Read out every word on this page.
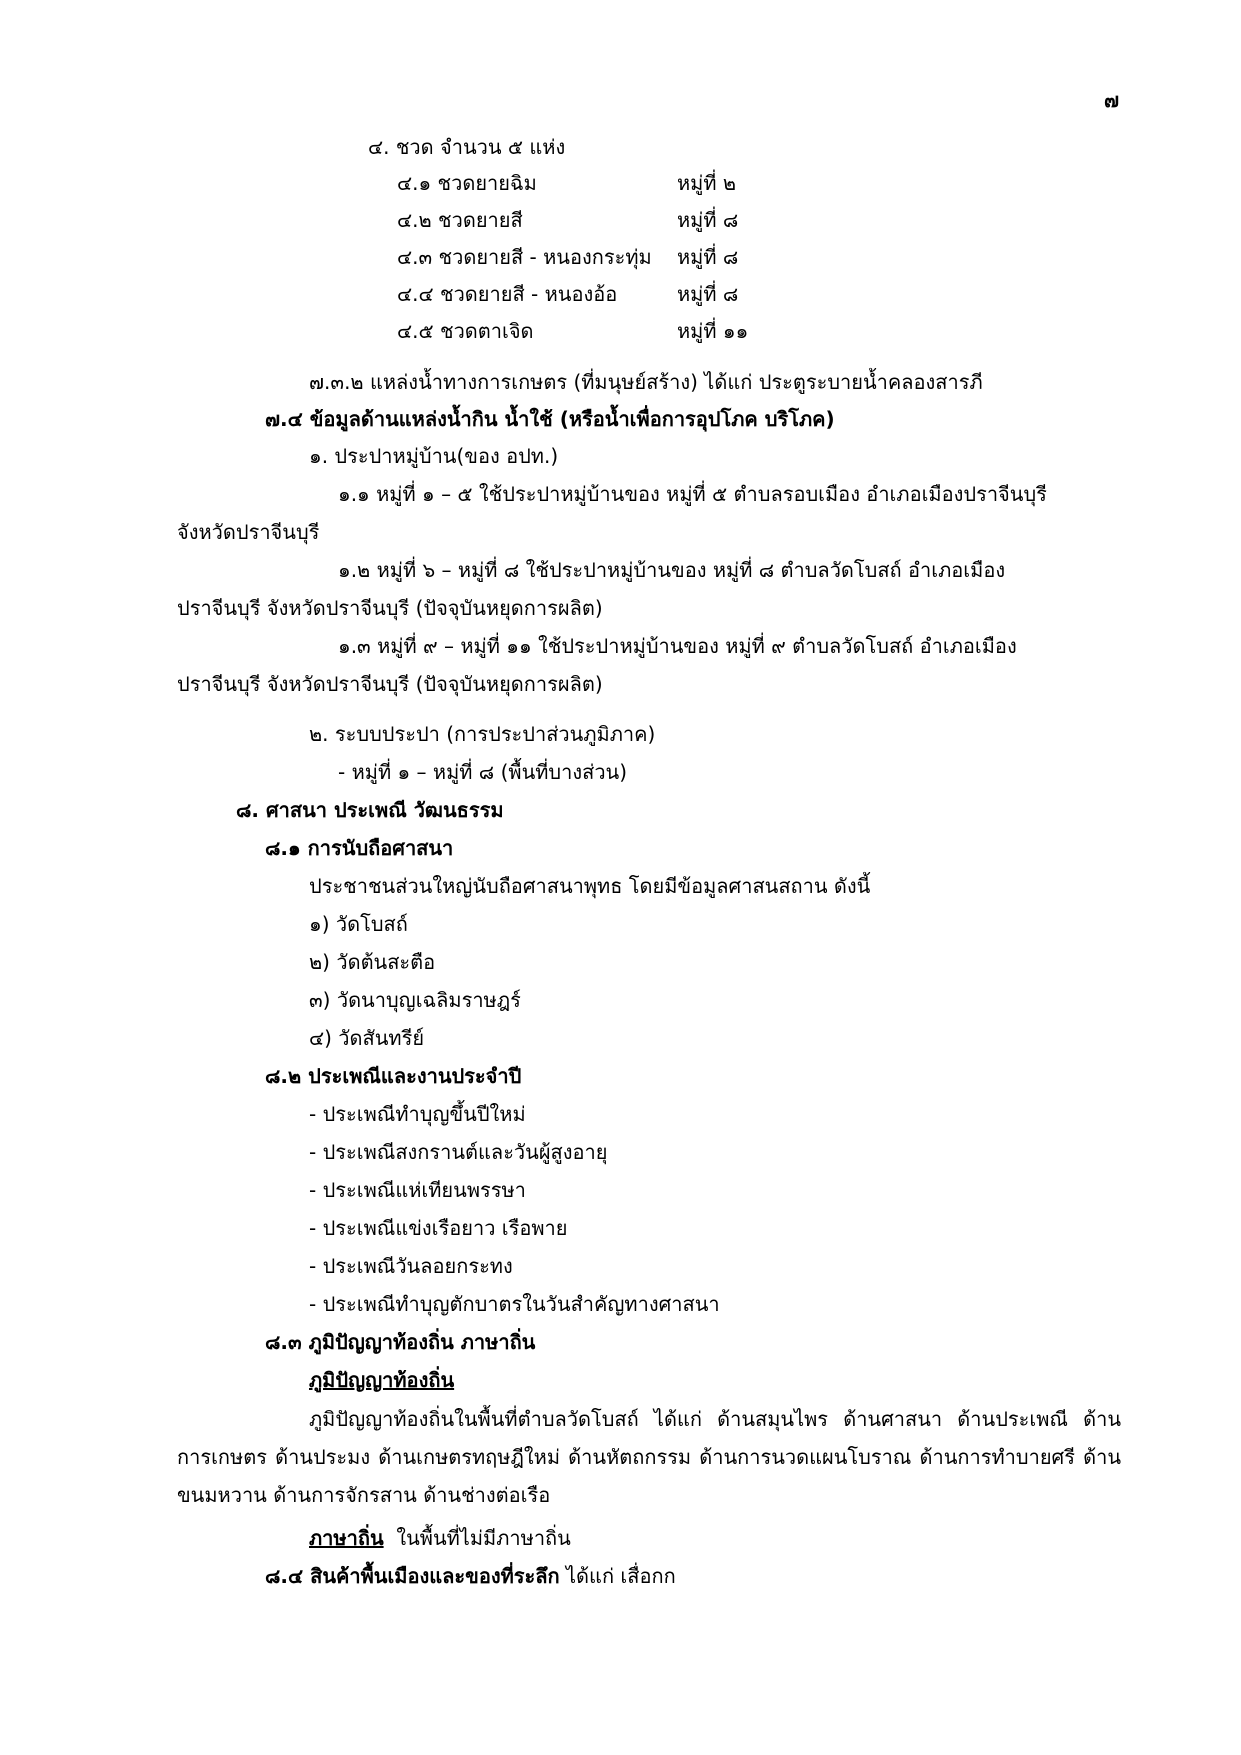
๗
๔. ชวด จำนวน ๕ แห่ง
๔.๑ ชวดยายฉิม	หมู่ที่ ๒
๔.๒ ชวดยายสี	หมู่ที่ ๘
๔.๓ ชวดยายสี - หนองกระทุ่ม หมู่ที่ ๘
๔.๔ ชวดยายสี - หนองอ้อ	หมู่ที่ ๘
๔.๕ ชวดตาเจิด	หมู่ที่ ๑๑
๗.๓.๒ แหล่งน้ำทางการเกษตร (ที่มนุษย์สร้าง) ได้แก่ ประตูระบายน้ำคลองสารภี
๗.๔ ข้อมูลด้านแหล่งน้ำกิน น้ำใช้ (หรือน้ำเพื่อการอุปโภค บริโภค)
๑. ประปาหมู่บ้าน(ของ อปท.)
๑.๑ หมู่ที่ ๑ – ๕ ใช้ประปาหมู่บ้านของ หมู่ที่ ๕ ตำบลรอบเมือง อำเภอเมืองปราจีนบุรี
จังหวัดปราจีนบุรี
๑.๒ หมู่ที่ ๖ – หมู่ที่ ๘ ใช้ประปาหมู่บ้านของ หมู่ที่ ๘ ตำบลวัดโบสถ์ อำเภอเมือง
ปราจีนบุรี จังหวัดปราจีนบุรี (ปัจจุบันหยุดการผลิต)
๑.๓ หมู่ที่ ๙ – หมู่ที่ ๑๑ ใช้ประปาหมู่บ้านของ หมู่ที่ ๙ ตำบลวัดโบสถ์ อำเภอเมือง
ปราจีนบุรี จังหวัดปราจีนบุรี (ปัจจุบันหยุดการผลิต)
๒. ระบบประปา (การประปาส่วนภูมิภาค)
- หมู่ที่ ๑ – หมู่ที่ ๘ (พื้นที่บางส่วน)
๘. ศาสนา ประเพณี วัฒนธรรม
๘.๑ การนับถือศาสนา
ประชาชนส่วนใหญ่นับถือศาสนาพุทธ โดยมีข้อมูลศาสนสถาน ดังนี้
๑) วัดโบสถ์
๒) วัดต้นสะตือ
๓) วัดนาบุญเฉลิมราษฎร์
๔) วัดสันทรีย์
๘.๒ ประเพณีและงานประจำปี
- ประเพณีทำบุญขึ้นปีใหม่
- ประเพณีสงกรานต์และวันผู้สูงอายุ
- ประเพณีแห่เทียนพรรษา
- ประเพณีแข่งเรือยาว เรือพาย
- ประเพณีวันลอยกระทง
- ประเพณีทำบุญตักบาตรในวันสำคัญทางศาสนา
๘.๓ ภูมิปัญญาท้องถิ่น ภาษาถิ่น
ภูมิปัญญาท้องถิ่น
ภูมิปัญญาท้องถิ่นในพื้นที่ตำบลวัดโบสถ์ ได้แก่ ด้านสมุนไพร ด้านศาสนา ด้านประเพณี ด้านการเกษตร ด้านประมง ด้านเกษตรทฤษฎีใหม่ ด้านหัตถกรรม ด้านการนวดแผนโบราณ ด้านการทำบายศรี ด้านขนมหวาน ด้านการจักรสาน ด้านช่างต่อเรือ
ภาษาถิ่น ในพื้นที่ไม่มีภาษาถิ่น
๘.๔ สินค้าพื้นเมืองและของที่ระลึก ได้แก่ เสื่อกก
